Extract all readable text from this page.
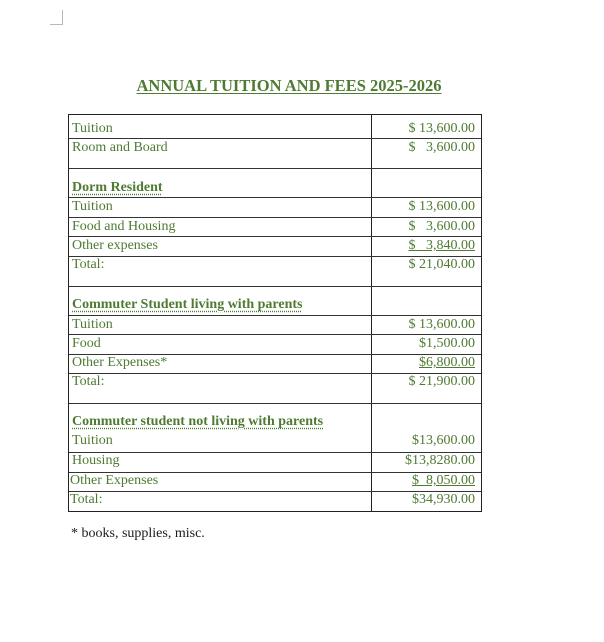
ANNUAL TUITION AND FEES 2025-2026
Tuition	$ 13,600.00
Room and Board	$   3,600.00
Dorm Resident
Tuition	$ 13,600.00
Food and Housing	$   3,600.00
Other expenses	$   3,840.00
Total:	$ 21,040.00
Commuter Student living with parents
Tuition	$ 13,600.00
Food	$1,500.00
Other Expenses*	$6,800.00
Total:	$ 21,900.00
Commuter student not living with parents
Tuition	$13,600.00
Housing	$13,8280.00
Other Expenses	$  8,050.00
Total:	$34,930.00
* books, supplies, misc.
